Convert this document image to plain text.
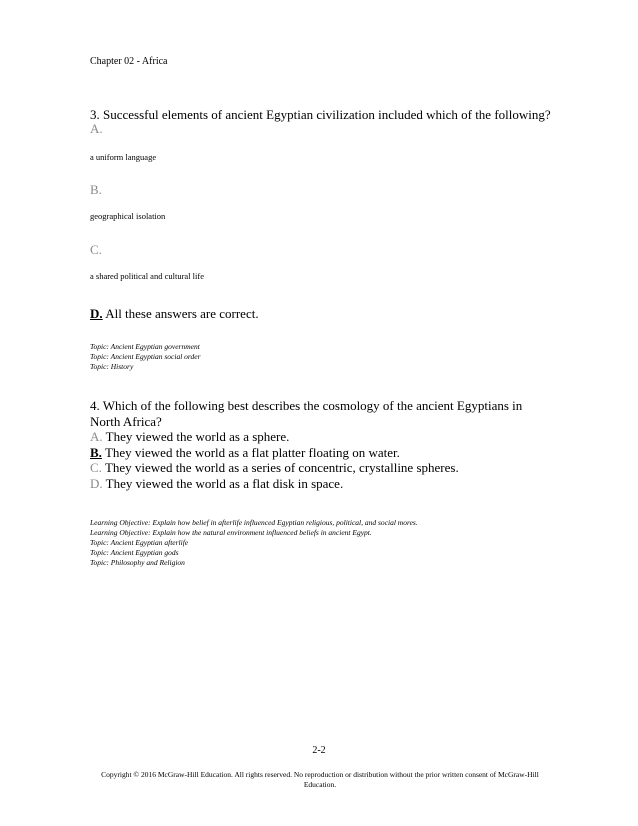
Chapter 02 - Africa
3. Successful elements of ancient Egyptian civilization included which of the following?
A.
a uniform language
B.
geographical isolation
C.
a shared political and cultural life
D. All these answers are correct.
Topic: Ancient Egyptian government
Topic: Ancient Egyptian social order
Topic: History
4. Which of the following best describes the cosmology of the ancient Egyptians in
North Africa?
A. They viewed the world as a sphere.
B. They viewed the world as a flat platter floating on water.
C. They viewed the world as a series of concentric, crystalline spheres.
D. They viewed the world as a flat disk in space.
Learning Objective: Explain how belief in afterlife influenced Egyptian religious, political, and social mores.
Learning Objective: Explain how the natural environment influenced beliefs in ancient Egypt.
Topic: Ancient Egyptian afterlife
Topic: Ancient Egyptian gods
Topic: Philosophy and Religion
2-2
Copyright © 2016 McGraw-Hill Education. All rights reserved. No reproduction or distribution without the prior written consent of McGraw-Hill Education.
